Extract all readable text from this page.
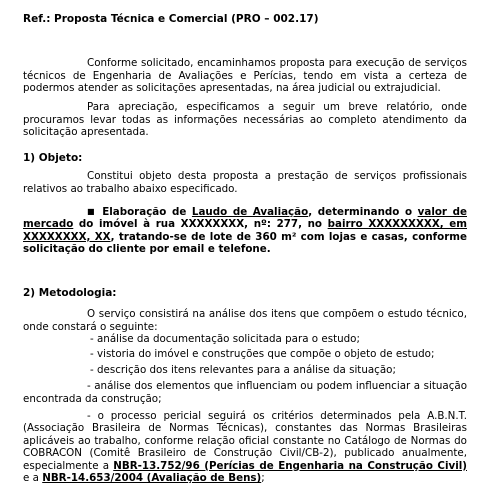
Ref.: Proposta Técnica e Comercial (PRO – 002.17)
Conforme solicitado, encaminhamos proposta para execução de serviços técnicos de Engenharia de Avaliações e Perícias, tendo em vista a certeza de podermos atender as solicitações apresentadas, na área judicial ou extrajudicial.
Para apreciação, especificamos a seguir um breve relatório, onde procuramos levar todas as informações necessárias ao completo atendimento da solicitação apresentada.
1) Objeto:
Constitui objeto desta proposta a prestação de serviços profissionais relativos ao trabalho abaixo especificado.
■ Elaboração de Laudo de Avaliação, determinando o valor de mercado do imóvel à rua XXXXXXXX, nº: 277, no bairro XXXXXXXXX, em XXXXXXXX, XX, tratando-se de lote de 360 m² com lojas e casas, conforme solicitação do cliente por email e telefone.
2) Metodologia:
O serviço consistirá na análise dos itens que compõem o estudo técnico, onde constará o seguinte:
- análise da documentação solicitada para o estudo;
- vistoria do imóvel e construções que compõe o objeto de estudo;
- descrição dos itens relevantes para a análise da situação;
- análise dos elementos que influenciam ou podem influenciar a situação encontrada da construção;
- o processo pericial seguirá os critérios determinados pela A.B.N.T. (Associação Brasileira de Normas Técnicas), constantes das Normas Brasileiras aplicáveis ao trabalho, conforme relação oficial constante no Catálogo de Normas do COBRACON (Comitê Brasileiro de Construção Civil/CB-2), publicado anualmente, especialmente a NBR-13.752/96 (Perícias de Engenharia na Construção Civil) e a NBR-14.653/2004 (Avaliação de Bens);
